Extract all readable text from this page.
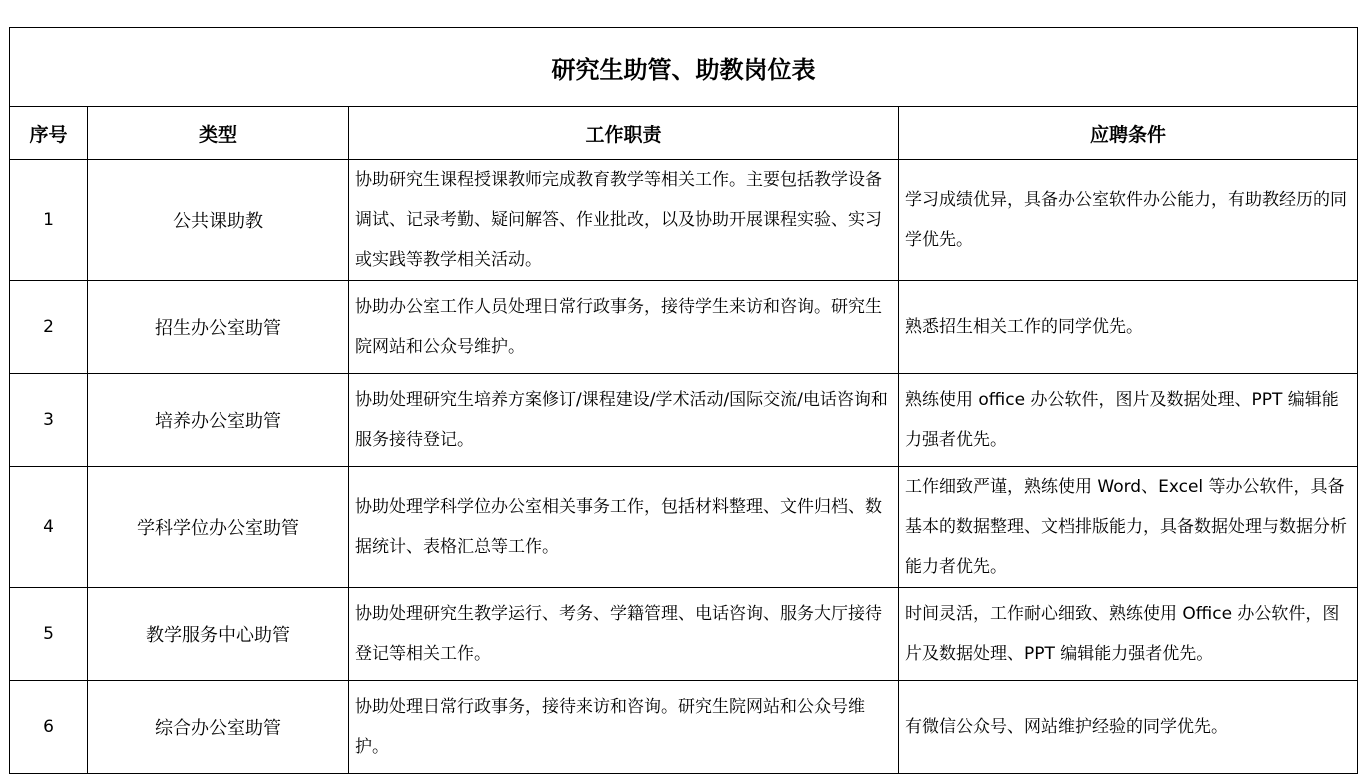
研究生助管、助教岗位表			
序号	类型	工作职责	应聘条件
1	公共课助教	协助研究生课程授课教师完成教育教学等相关工作。主要包括教学设备调试、记录考勤、疑问解答、作业批改，以及协助开展课程实验、实习或实践等教学相关活动。	学习成绩优异，具备办公室软件办公能力，有助教经历的同学优先。
2	招生办公室助管	协助办公室工作人员处理日常行政事务，接待学生来访和咨询。研究生院网站和公众号维护。	熟悉招生相关工作的同学优先。
3	培养办公室助管	协助处理研究生培养方案修订/课程建设/学术活动/国际交流/电话咨询和服务接待登记。	熟练使用 office 办公软件，图片及数据处理、PPT 编辑能力强者优先。
4	学科学位办公室助管	协助处理学科学位办公室相关事务工作，包括材料整理、文件归档、数据统计、表格汇总等工作。	工作细致严谨，熟练使用 Word、Excel 等办公软件，具备基本的数据整理、文档排版能力，具备数据处理与数据分析能力者优先。
5	教学服务中心助管	协助处理研究生教学运行、考务、学籍管理、电话咨询、服务大厅接待登记等相关工作。	时间灵活，工作耐心细致、熟练使用 Office 办公软件，图片及数据处理、PPT 编辑能力强者优先。
6	综合办公室助管	协助处理日常行政事务，接待来访和咨询。研究生院网站和公众号维护。	有微信公众号、网站维护经验的同学优先。
